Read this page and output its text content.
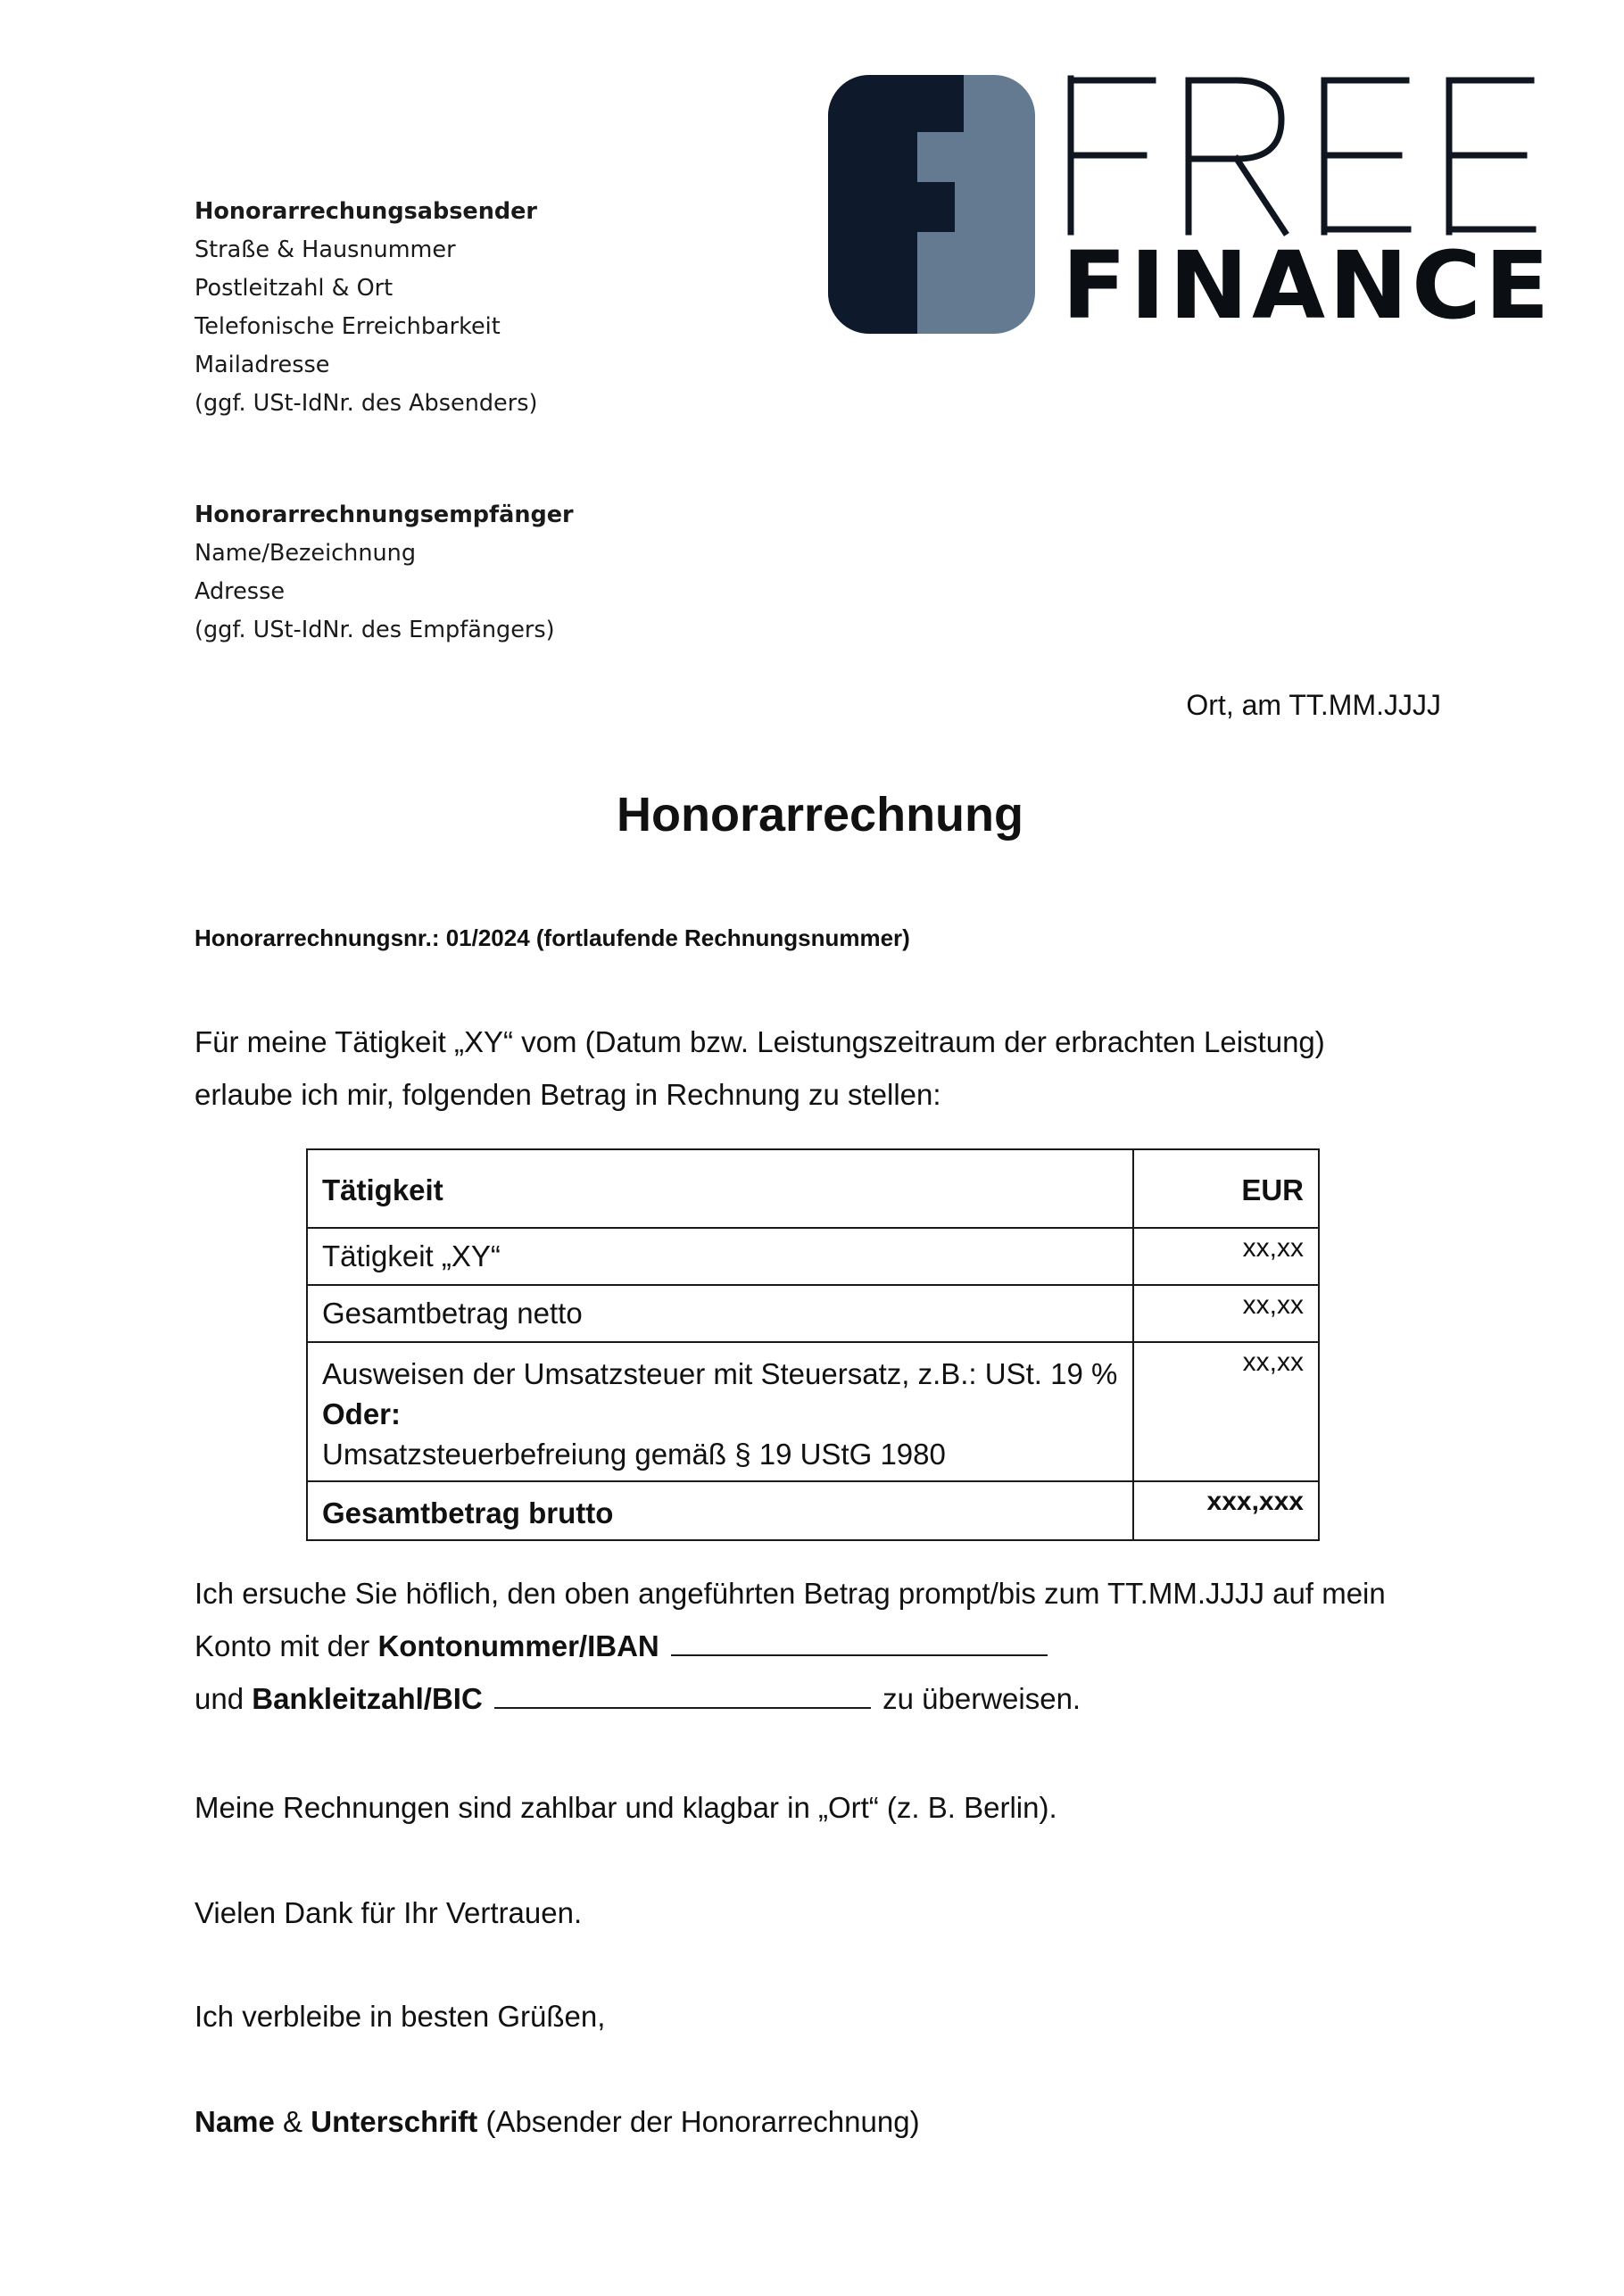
FINANCE
Honorarrechungsabsender
Straße & Hausnummer
Postleitzahl & Ort
Telefonische Erreichbarkeit
Mailadresse
(ggf. USt-IdNr. des Absenders)
Honorarrechnungsempfänger
Name/Bezeichnung
Adresse
(ggf. USt-IdNr. des Empfängers)
Ort, am TT.MM.JJJJ
Honorarrechnung
Honorarrechnungsnr.: 01/2024 (fortlaufende Rechnungsnummer)
Für meine Tätigkeit „XY“ vom (Datum bzw. Leistungszeitraum der erbrachten Leistung)
erlaube ich mir, folgenden Betrag in Rechnung zu stellen:
Tätigkeit	EUR
Tätigkeit „XY“	xx,xx
Gesamtbetrag netto	xx,xx

Ausweisen der Umsatzsteuer mit Steuersatz, z.B.: USt. 19 %
Oder:
Umsatzsteuerbefreiung gemäß § 19 UStG 1980	xx,xx
Gesamtbetrag brutto	xxx,xxx
Ich ersuche Sie höflich, den oben angeführten Betrag prompt/bis zum TT.MM.JJJJ auf mein
Konto mit der Kontonummer/IBAN
und Bankleitzahl/BIC	zu überweisen.
Meine Rechnungen sind zahlbar und klagbar in „Ort“ (z. B. Berlin).
Vielen Dank für Ihr Vertrauen.
Ich verbleibe in besten Grüßen,
Name & Unterschrift (Absender der Honorarrechnung)
